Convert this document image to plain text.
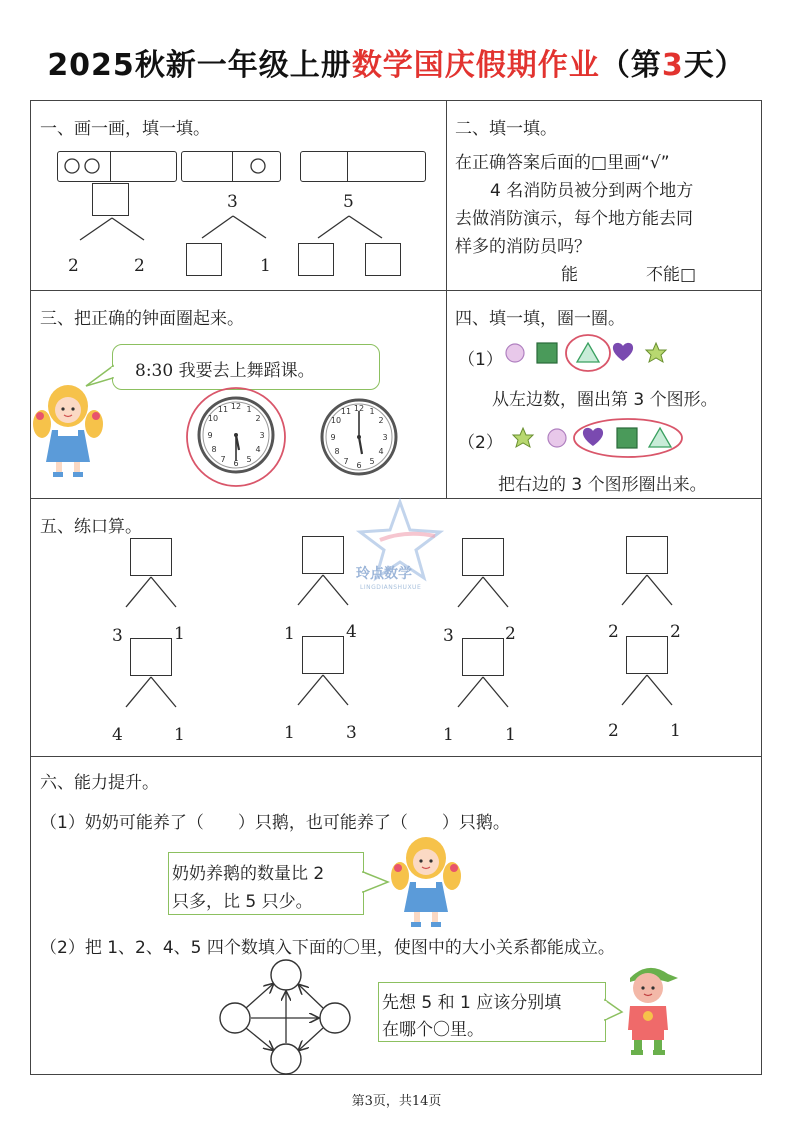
2025秋新一年级上册数学国庆假期作业（第3天）
一、画一画，填一填。
2	2
3
1
5
二、填一填。
在正确答案后面的□里画“√”
4 名消防员被分到两个地方
去做消防演示，每个地方能去同
样多的消防员吗？
能	不能□
三、把正确的钟面圈起来。
8:30 我要去上舞蹈课。
12 1
2
3
4
5
6
7
8
9
10
11	12 1
2
3
4
5
6
7
8
9
10
11
四、填一填，圈一圈。
（1）
从左边数，圈出第 3 个图形。
（2）
把右边的 3 个图形圈出来。
五、练口算。
玲点数学
LINGDIANSHUXUE
3	1	1	4	3	2	2	2
4	1	1	3	1	1	2	1
六、能力提升。
（1）奶奶可能养了（　　）只鹅，也可能养了（　　）只鹅。
奶奶养鹅的数量比 2
只多，比 5 只少。
（2）把 1、2、4、5 四个数填入下面的〇里，使图中的大小关系都能成立。
先想 5 和 1 应该分别填
在哪个〇里。
第3页，共14页
